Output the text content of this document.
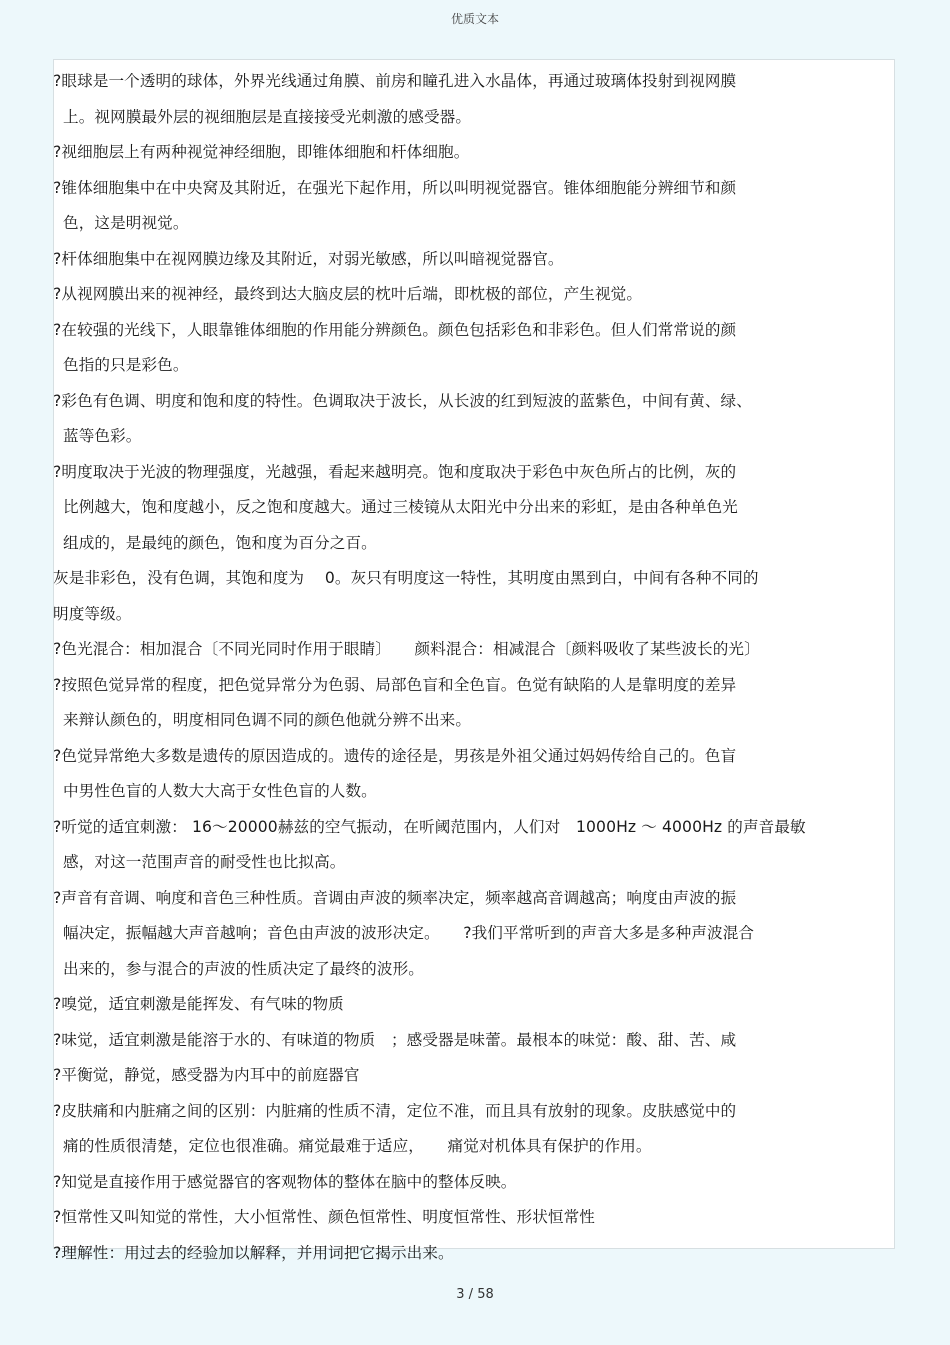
优质文本
?眼球是一个透明的球体，外界光线通过角膜、前房和瞳孔进入水晶体，再通过玻璃体投射到视网膜
上。视网膜最外层的视细胞层是直接接受光刺激的感受器。
?视细胞层上有两种视觉神经细胞，即锥体细胞和杆体细胞。
?锥体细胞集中在中央窝及其附近，在强光下起作用，所以叫明视觉器官。锥体细胞能分辨细节和颜
色，这是明视觉。
?杆体细胞集中在视网膜边缘及其附近，对弱光敏感，所以叫暗视觉器官。
?从视网膜出来的视神经，最终到达大脑皮层的枕叶后端，即枕极的部位，产生视觉。
?在较强的光线下，人眼靠锥体细胞的作用能分辨颜色。颜色包括彩色和非彩色。但人们常常说的颜
色指的只是彩色。
?彩色有色调、明度和饱和度的特性。色调取决于波长，从长波的红到短波的蓝紫色，中间有黄、绿、
蓝等色彩。
?明度取决于光波的物理强度，光越强，看起来越明亮。饱和度取决于彩色中灰色所占的比例，灰的
比例越大，饱和度越小，反之饱和度越大。通过三棱镜从太阳光中分出来的彩虹，是由各种单色光
组成的，是最纯的颜色，饱和度为百分之百。
灰是非彩色，没有色调，其饱和度为　 0。灰只有明度这一特性，其明度由黑到白，中间有各种不同的
明度等级。
?色光混合：相加混合〔不同光同时作用于眼睛〕　　颜料混合：相减混合〔颜料吸收了某些波长的光〕
?按照色觉异常的程度，把色觉异常分为色弱、局部色盲和全色盲。色觉有缺陷的人是靠明度的差异
来辩认颜色的，明度相同色调不同的颜色他就分辨不出来。
?色觉异常绝大多数是遗传的原因造成的。遗传的途径是，男孩是外祖父通过妈妈传给自己的。色盲
中男性色盲的人数大大高于女性色盲的人数。
?听觉的适宜刺激： 16～20000赫兹的空气振动，在听阈范围内，人们对　1000Hz ～ 4000Hz 的声音最敏
感，对这一范围声音的耐受性也比拟高。
?声音有音调、响度和音色三种性质。音调由声波的频率决定，频率越高音调越高；响度由声波的振
幅决定，振幅越大声音越响；音色由声波的波形决定。　　?我们平常听到的声音大多是多种声波混合
出来的，参与混合的声波的性质决定了最终的波形。
?嗅觉，适宜刺激是能挥发、有气味的物质
?味觉，适宜刺激是能溶于水的、有味道的物质　；感受器是味蕾。最根本的味觉：酸、甜、苦、咸
?平衡觉，静觉，感受器为内耳中的前庭器官
?皮肤痛和内脏痛之间的区别：内脏痛的性质不清，定位不准，而且具有放射的现象。皮肤感觉中的
痛的性质很清楚，定位也很准确。痛觉最难于适应，　　痛觉对机体具有保护的作用。
?知觉是直接作用于感觉器官的客观物体的整体在脑中的整体反映。
?恒常性又叫知觉的常性，大小恒常性、颜色恒常性、明度恒常性、形状恒常性
?理解性：用过去的经验加以解释，并用词把它揭示出来。
3 / 58
